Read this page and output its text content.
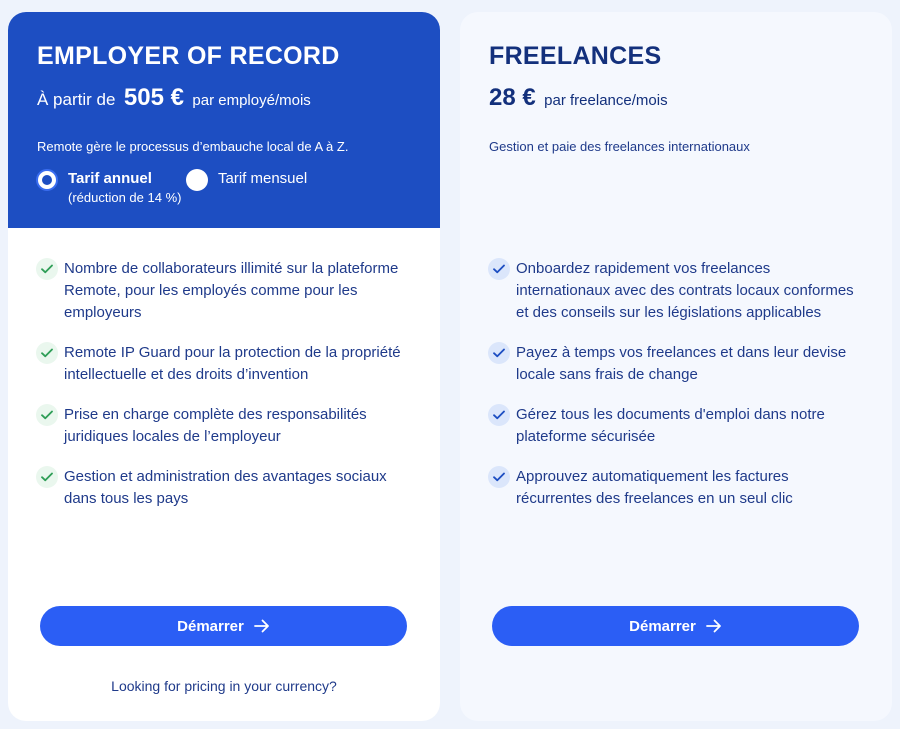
EMPLOYER OF RECORD
À partir de 505 € par employé/mois

Remote gère le processus d’embauche local de A à Z.

Tarif annuel
(réduction de 14 %)
Tarif mensuel
Nombre de collaborateurs illimité sur la plateforme Remote, pour les employés comme pour les employeurs
Remote IP Guard pour la protection de la propriété intellectuelle et des droits d’invention
Prise en charge complète des responsabilités juridiques locales de l’employeur
Gestion et administration des avantages sociaux dans tous les pays
Démarrer
Looking for pricing in your currency?
FREELANCES
28 € par freelance/mois

Gestion et paie des freelances internationaux

Onboardez rapidement vos freelances internationaux avec des contrats locaux conformes et des conseils sur les législations applicables
Payez à temps vos freelances et dans leur devise locale sans frais de change
Gérez tous les documents d'emploi dans notre plateforme sécurisée
Approuvez automatiquement les factures récurrentes des freelances en un seul clic
Démarrer
